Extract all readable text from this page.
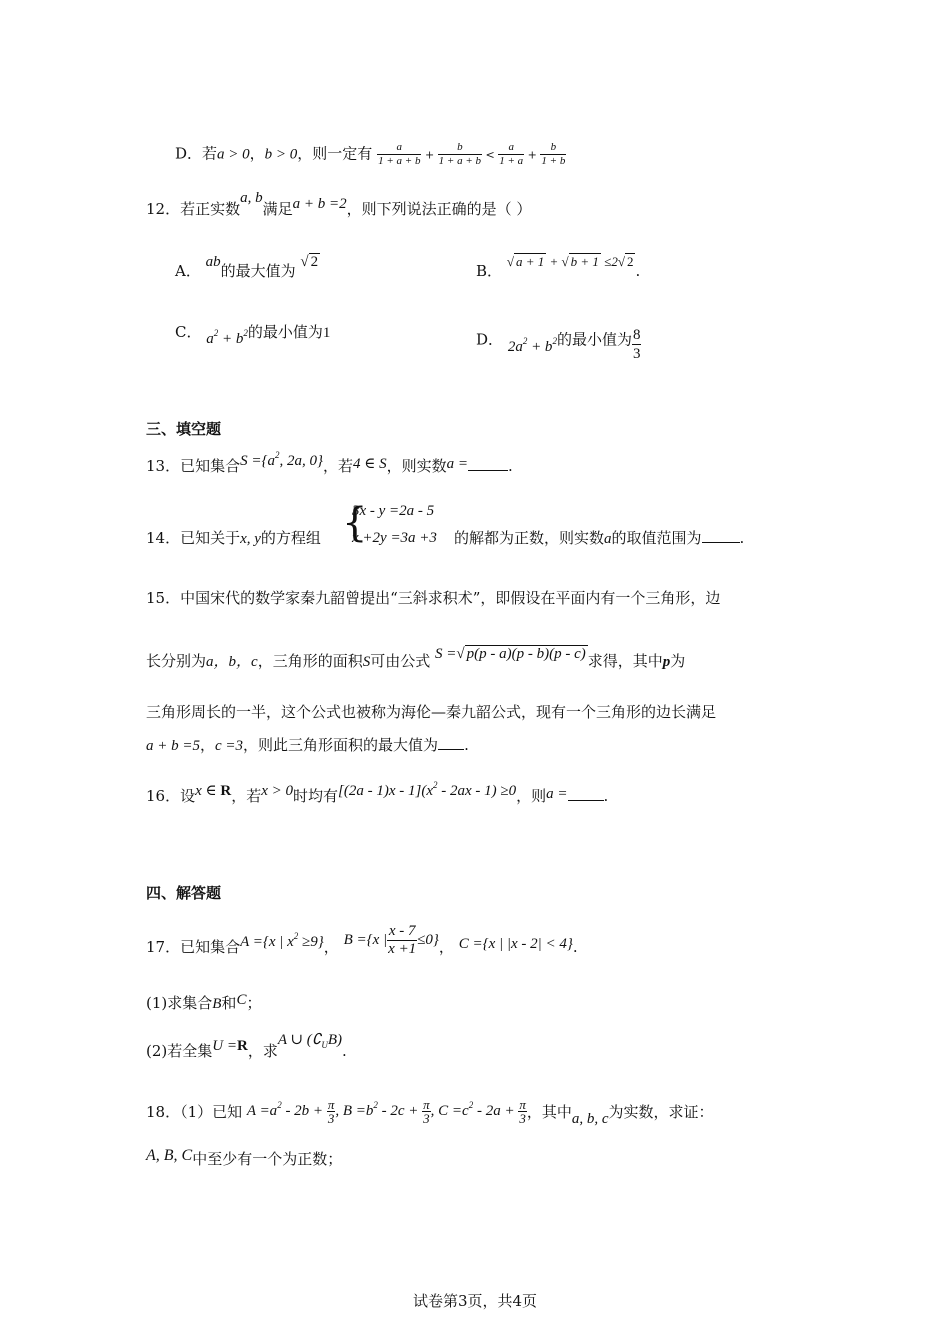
D．若a > 0，b > 0，则一定有 $\frac{a}{1 + a + b} + \frac{b}{1 + a + b} < \frac{a}{1 + a} + \frac{b}{1 + b}$
12．若正实数a, b满足a + b =2，则下列说法正确的是（ ）
A． ab的最大值为 √ 2	B． √ a + 1 + √ b + 1 ≤2√ 2.
C． $a^2 + b^2$的最小值为1	D． $2a^2 + b^2$的最小值为 $\frac{8}{3}$
三、填空题
13．已知集合$S =\{a^2$, 2a, 0}，若4 ∈ S，则实数a =	.
{
3x - y =2a - 5
x +2y =3a +3
14．已知关于x, y的方程组	的解都为正数，则实数a的取值范围为	.
15．中国宋代的数学家秦九韶曾提出“三斜求积术”，即假设在平面内有一个三角形，边
长分别为a，b，c，三角形的面积S可由公式 S =√ p(p - a)(p - b)(p - c) 求得，其中p为
三角形周长的一半，这个公式也被称为海伦—秦九韶公式，现有一个三角形的边长满足
a + b =5，c =3，则此三角形面积的最大值为 .
16．设x ∈ R，若x > 0时均有$[(2a - 1)x - 1](x^2 - 2ax - 1) \ge 0$，则a = .
四、解答题
17．已知集合A ={x | $x^2 \ge 9$}， B ={x | $\frac{x - 7}{x +1} \le 0$}， C ={x | |x - 2| < 4}.
(1)求集合B和C；
(2)若全集U =R，求A ∪ $(∁_UB)$.
18．（1）已知 $A =a^2 - 2b + \frac{\pi}{3}$ , $B =b^2 - 2c + \frac{\pi}{3}$ , $C =c^2 - 2a + \frac{\pi}{3}$ ，其中a, b, c为实数，求证：
A, B, C中至少有一个为正数；
试卷第3页，共4页
